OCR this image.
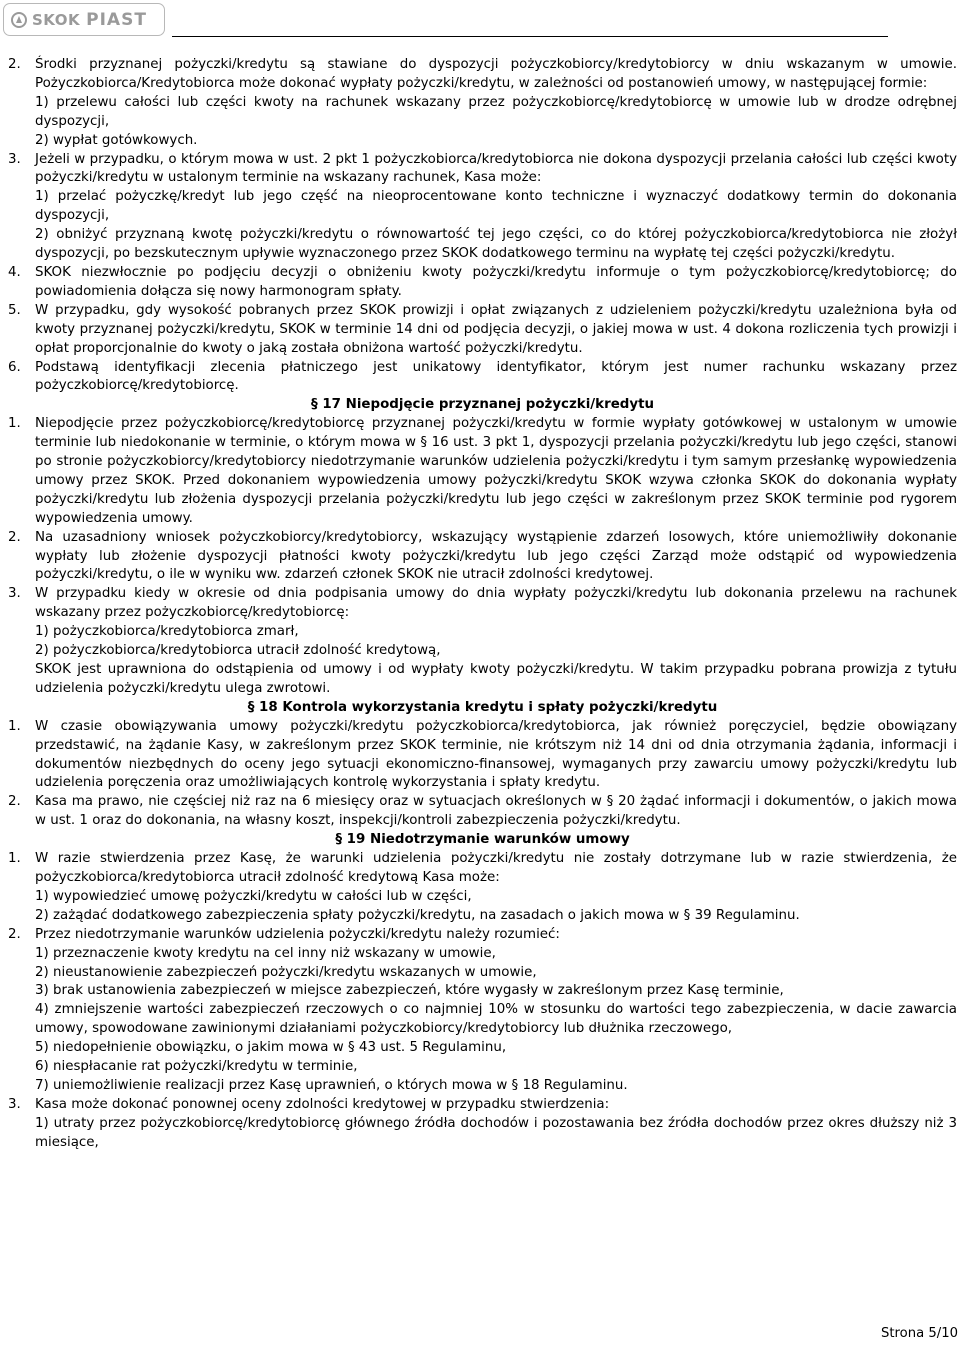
SKOK PIAST
2.	Środki przyznanej pożyczki/kredytu są stawiane do dyspozycji pożyczkobiorcy/kredytobiorcy w dniu wskazanym w umowie. Pożyczkobiorca/Kredytobiorca może dokonać wypłaty pożyczki/kredytu, w zależności od postanowień umowy, w następującej formie:
1) przelewu całości lub części kwoty na rachunek wskazany przez pożyczkobiorcę/kredytobiorcę w umowie lub w drodze odrębnej dyspozycji,
2) wypłat gotówkowych.
3.	Jeżeli w przypadku, o którym mowa w ust. 2 pkt 1 pożyczkobiorca/kredytobiorca nie dokona dyspozycji przelania całości lub części kwoty pożyczki/kredytu w ustalonym terminie na wskazany rachunek, Kasa może:
1) przelać pożyczkę/kredyt lub jego część na nieoprocentowane konto techniczne i wyznaczyć dodatkowy termin do dokonania dyspozycji,
2) obniżyć przyznaną kwotę pożyczki/kredytu o równowartość tej jego części, co do której pożyczkobiorca/kredytobiorca nie złożył dyspozycji, po bezskutecznym upływie wyznaczonego przez SKOK dodatkowego terminu na wypłatę tej części pożyczki/kredytu.
4.	SKOK niezwłocznie po podjęciu decyzji o obniżeniu kwoty pożyczki/kredytu informuje o tym pożyczkobiorcę/kredytobiorcę; do powiadomienia dołącza się nowy harmonogram spłaty.
5.	W przypadku, gdy wysokość pobranych przez SKOK prowizji i opłat związanych z udzieleniem pożyczki/kredytu uzależniona była od kwoty przyznanej pożyczki/kredytu, SKOK w terminie 14 dni od podjęcia decyzji, o jakiej mowa w ust. 4 dokona rozliczenia tych prowizji i opłat proporcjonalnie do kwoty o jaką została obniżona wartość pożyczki/kredytu.
6.	Podstawą identyfikacji zlecenia płatniczego jest unikatowy identyfikator, którym jest numer rachunku wskazany przez pożyczkobiorcę/kredytobiorcę.
§ 17 Niepodjęcie przyznanej pożyczki/kredytu
1.	Niepodjęcie przez pożyczkobiorcę/kredytobiorcę przyznanej pożyczki/kredytu w formie wypłaty gotówkowej w ustalonym w umowie terminie lub niedokonanie w terminie, o którym mowa w § 16 ust. 3 pkt 1, dyspozycji przelania pożyczki/kredytu lub jego części, stanowi po stronie pożyczkobiorcy/kredytobiorcy niedotrzymanie warunków udzielenia pożyczki/kredytu i tym samym przesłankę wypowiedzenia umowy przez SKOK. Przed dokonaniem wypowiedzenia umowy pożyczki/kredytu SKOK wzywa członka SKOK do dokonania wypłaty pożyczki/kredytu lub złożenia dyspozycji przelania pożyczki/kredytu lub jego części w zakreślonym przez SKOK terminie pod rygorem wypowiedzenia umowy.
2.	Na uzasadniony wniosek pożyczkobiorcy/kredytobiorcy, wskazujący wystąpienie zdarzeń losowych, które uniemożliwiły dokonanie wypłaty lub złożenie dyspozycji płatności kwoty pożyczki/kredytu lub jego części Zarząd może odstąpić od wypowiedzenia pożyczki/kredytu, o ile w wyniku ww. zdarzeń członek SKOK nie utracił zdolności kredytowej.
3.	W przypadku kiedy w okresie od dnia podpisania umowy do dnia wypłaty pożyczki/kredytu lub dokonania przelewu na rachunek wskazany przez pożyczkobiorcę/kredytobiorcę:
1) pożyczkobiorca/kredytobiorca zmarł,
2) pożyczkobiorca/kredytobiorca utracił zdolność kredytową,
SKOK jest uprawniona do odstąpienia od umowy i od wypłaty kwoty pożyczki/kredytu. W takim przypadku pobrana prowizja z tytułu udzielenia pożyczki/kredytu ulega zwrotowi.
§ 18 Kontrola wykorzystania kredytu i spłaty pożyczki/kredytu
1.	W czasie obowiązywania umowy pożyczki/kredytu pożyczkobiorca/kredytobiorca, jak również poręczyciel, będzie obowiązany przedstawić, na żądanie Kasy, w zakreślonym przez SKOK terminie, nie krótszym niż 14 dni od dnia otrzymania żądania, informacji i dokumentów niezbędnych do oceny jego sytuacji ekonomiczno-finansowej, wymaganych przy zawarciu umowy pożyczki/kredytu lub udzielenia poręczenia oraz umożliwiających kontrolę wykorzystania i spłaty kredytu.
2.	Kasa ma prawo, nie częściej niż raz na 6 miesięcy oraz w sytuacjach określonych w § 20 żądać informacji i dokumentów, o jakich mowa w ust. 1 oraz do dokonania, na własny koszt, inspekcji/kontroli zabezpieczenia pożyczki/kredytu.
§ 19 Niedotrzymanie warunków umowy
1.	W razie stwierdzenia przez Kasę, że warunki udzielenia pożyczki/kredytu nie zostały dotrzymane lub w razie stwierdzenia, że pożyczkobiorca/kredytobiorca utracił zdolność kredytową Kasa może:
1) wypowiedzieć umowę pożyczki/kredytu w całości lub w części,
2) zażądać dodatkowego zabezpieczenia spłaty pożyczki/kredytu, na zasadach o jakich mowa w § 39 Regulaminu.
2.	Przez niedotrzymanie warunków udzielenia pożyczki/kredytu należy rozumieć:
1) przeznaczenie kwoty kredytu na cel inny niż wskazany w umowie,
2) nieustanowienie zabezpieczeń pożyczki/kredytu wskazanych w umowie,
3) brak ustanowienia zabezpieczeń w miejsce zabezpieczeń, które wygasły w zakreślonym przez Kasę terminie,
4) zmniejszenie wartości zabezpieczeń rzeczowych o co najmniej 10% w stosunku do wartości tego zabezpieczenia, w dacie zawarcia umowy, spowodowane zawinionymi działaniami pożyczkobiorcy/kredytobiorcy lub dłużnika rzeczowego,
5) niedopełnienie obowiązku, o jakim mowa w § 43 ust. 5 Regulaminu,
6) niespłacanie rat pożyczki/kredytu w terminie,
7) uniemożliwienie realizacji przez Kasę uprawnień, o których mowa w § 18 Regulaminu.
3.	Kasa może dokonać ponownej oceny zdolności kredytowej w przypadku stwierdzenia:
1) utraty przez pożyczkobiorcę/kredytobiorcę głównego źródła dochodów i pozostawania bez źródła dochodów przez okres dłuższy niż 3 miesiące,
Strona 5/10
